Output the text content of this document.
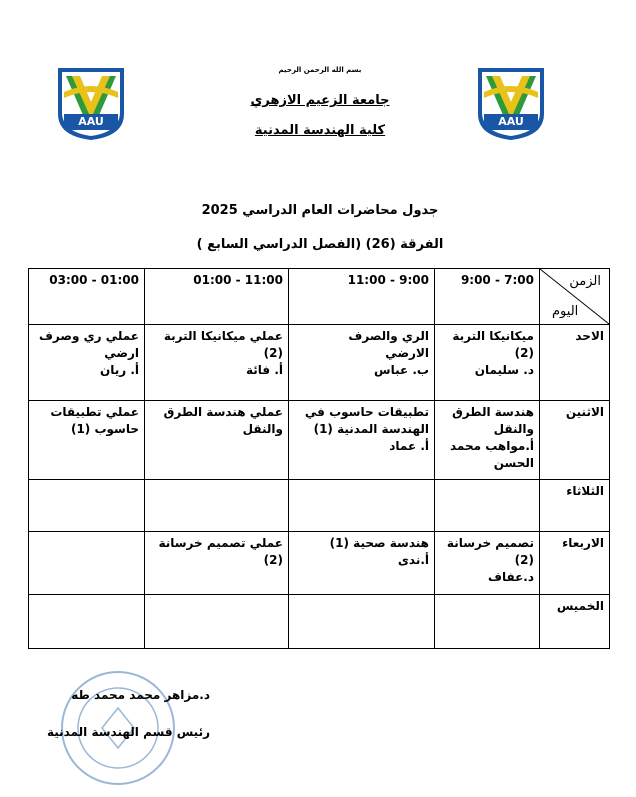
AAU	AAU
بسم الله الرحمن الرحيم
جامعة الزعيم الازهري
كلية الهندسة المدنية
جدول محاضرات العام الدراسي 2025
الفرقة (26) (الفصل الدراسي السابع )
01:00 - 03:00	11:00 - 01:00	9:00 - 11:00	7:00 - 9:00	الزمن
اليوم

عملي ري وصرف
ارضي
أ. ريان	عملي ميكانيكا التربة
(2)
أ. فائة	الري والصرف
الارضي
ب. عباس	ميكانيكا التربة
(2)
د. سليمان	الاحد

عملي تطبيقات
حاسوب (1)	عملي هندسة الطرق
والنقل	تطبيقات حاسوب في
الهندسة المدنية (1)
أ. عماد	هندسة الطرق
والنقل
أ.مواهب محمد
الحسن	الاثنين
				الثلاثاء

	عملي تصميم خرسانة
(2)	هندسة صحية (1)
أ.ندى	تصميم خرسانة
(2)
د.عفاف	الاربعاء
				الخميس
د.مزاهر محمد محمد طه
رئيس قسم الهندسة المدنية
